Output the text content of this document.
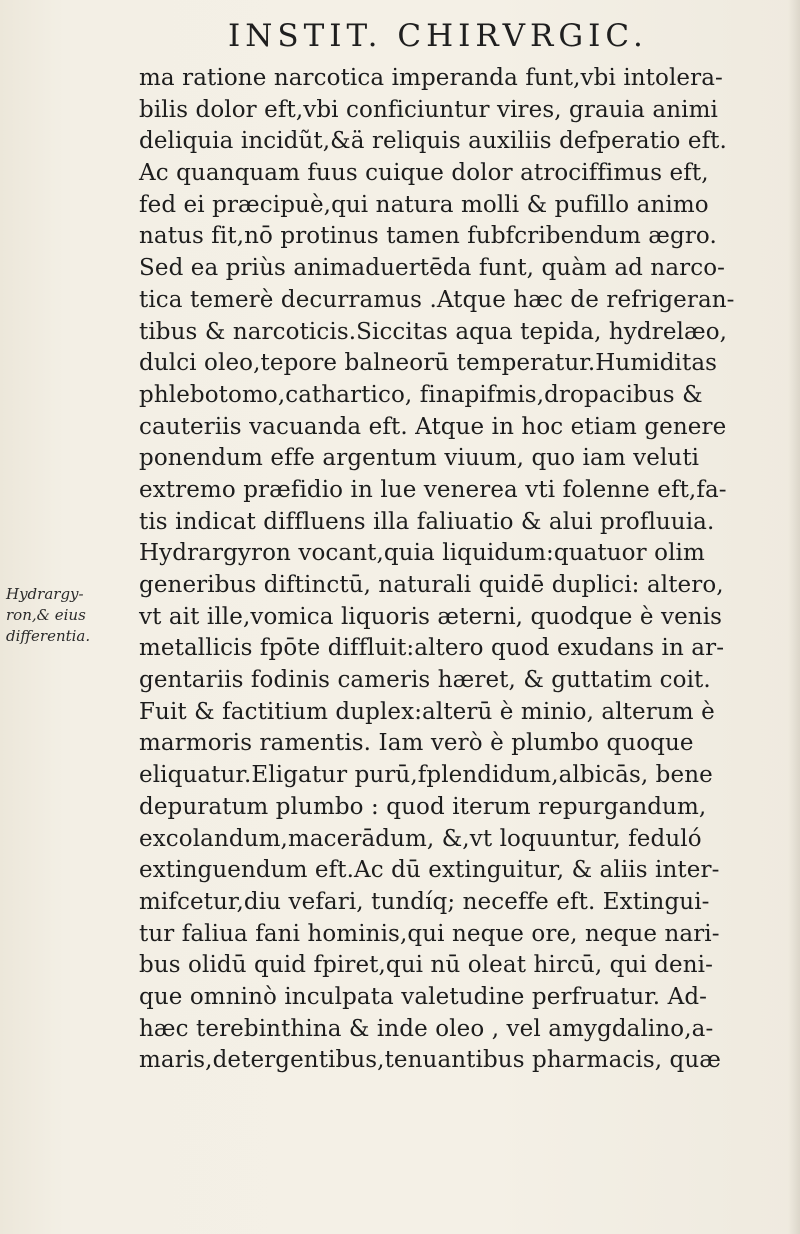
INSTIT. CHIRVRGIC.
Hydrargy-
ron,& eius
differentia.
ma ratione narcotica imperanda funt,vbi intolera-
bilis dolor eft,vbi conficiuntur vires, grauia animi
deliquia incidũt,&ä reliquis auxiliis defperatio eft.
Ac quanquam fuus cuique dolor atrociffimus eft,
fed ei præcipuè,qui natura molli & pufillo animo
natus fit,nō protinus tamen fubfcribendum ægro.
Sed ea priùs animaduertēda funt, quàm ad narco-
tica temerè decurramus .Atque hæc de refrigeran-
tibus & narcoticis.Siccitas aqua tepida, hydrelæo,
dulci oleo,tepore balneorū temperatur.Humiditas
phlebotomo,cathartico, finapifmis,dropacibus &
cauteriis vacuanda eft. Atque in hoc etiam genere
ponendum effe argentum viuum, quo iam veluti
extremo præfidio in lue venerea vti folenne eft,fa-
tis indicat diffluens illa faliuatio & alui profluuia.
Hydrargyron vocant,quia liquidum:quatuor olim
generibus diftinctū, naturali quidē duplici: altero,
vt ait ille,vomica liquoris æterni, quodque è venis
metallicis fpōte diffluit:altero quod exudans in ar-
gentariis fodinis cameris hæret, & guttatim coit.
Fuit & factitium duplex:alterū è minio, alterum è
marmoris ramentis. Iam verò è plumbo quoque
eliquatur.Eligatur purū,fplendidum,albicās, bene
depuratum plumbo : quod iterum repurgandum,
excolandum,macerādum, &,vt loquuntur, feduló
extinguendum eft.Ac dū extinguitur, & aliis inter-
mifcetur,diu vefari, tundíq; neceffe eft. Extingui-
tur faliua fani hominis,qui neque ore, neque nari-
bus olidū quid fpiret,qui nū oleat hircū, qui deni-
que omninò inculpata valetudine perfruatur. Ad-
hæc terebinthina & inde oleo , vel amygdalino,a-
maris,detergentibus,tenuantibus pharmacis, quæ
